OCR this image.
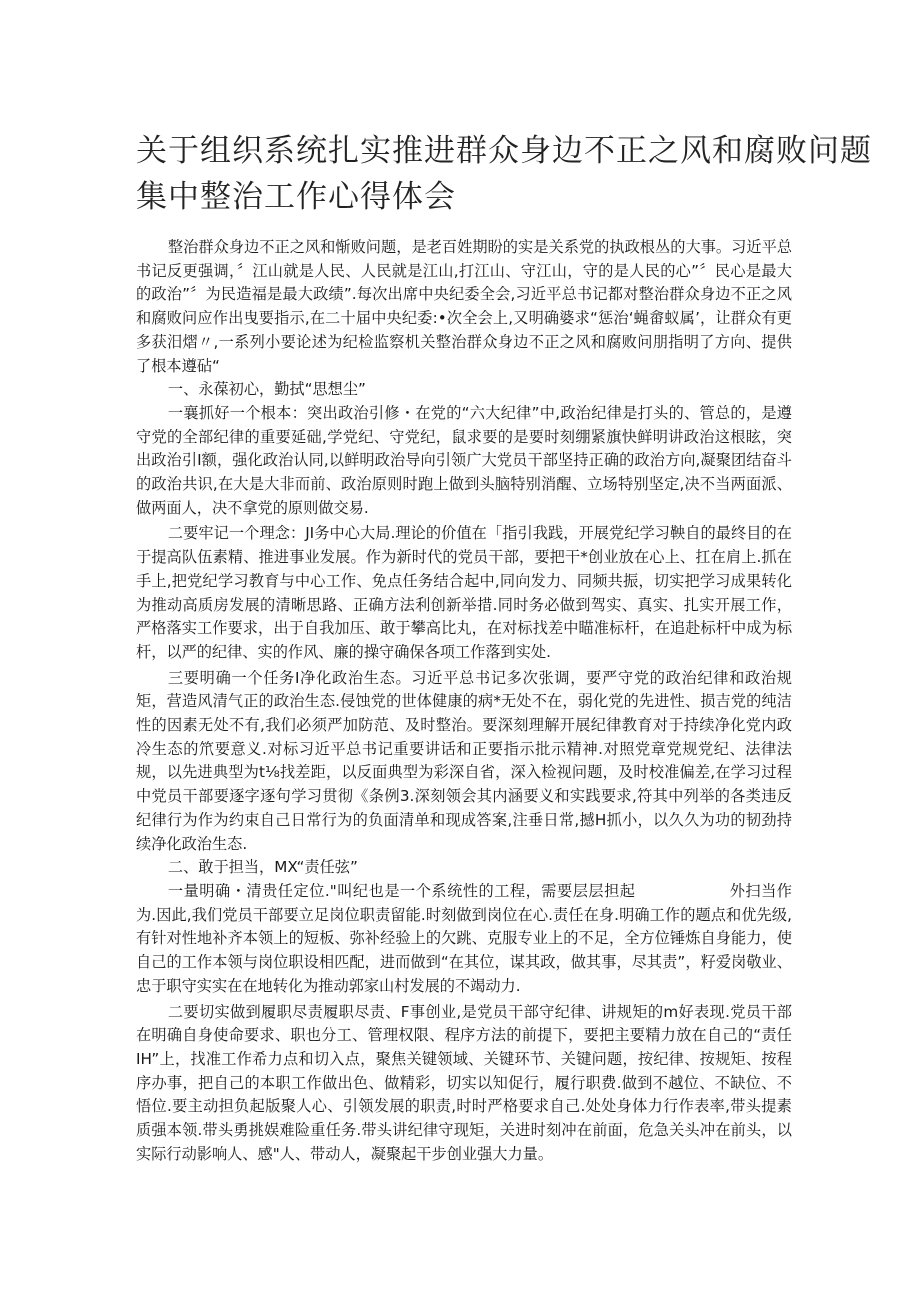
关于组织系统扎实推进群众身边不正之风和腐败问题
集中整治工作心得体会

整治群众身边不正之风和惭败问题，是老百姓期盼的实是关系党的执政根丛的大事。习近平总书记反更强调，〞江山就是人民、人民就是江山,打江山、守江山，守的是人民的心”〞民心是最大的政治”〞为民造福是最大政绩”.每次出席中央纪委全会,习近平总书记都对整治群众身边不正之风和腐败问应作出曳要指示,在二十届中央纪委:•次全会上,又明确婆求“惩治‘蝇畲蚁属’，让群众有更多获汨熠〃,一系列小要论述为纪检监察机关整治群众身边不正之风和腐败问朋指明了方向、提供了根本遵砧“

一、永葆初心，勤拭“思想尘”

一襄抓好一个根本：突出政治引修・在党的“六大纪律”中,政治纪律是打头的、管总的，是遵守党的全部纪律的重要延础,学党纪、守党纪，鼠求要的是要时刻绷紧旗快鲜明讲政治这根眩，突出政治引I额，强化政治认同,以鲜明政治导向引领广大党员干部坚持正确的政治方向,凝聚团结奋斗的政治共识,在大是大非而前、政治原则时跑上做到头脑特别消醒、立场特别坚定,决不当两面派、做两面人，决不拿党的原则做交易.

二要牢记一个理念：JI务中心大局.理论的价值在「指引我践，开展党纪学习鞅自的最终目的在于提高队伍素精、推进事业发展。作为新时代的党员干部，要把干*创业放在心上、扛在肩上.抓在手上,把党纪学习教育与中心工作、免点任务结合起中,同向发力、同频共振，切实把学习成果转化为推动高质房发展的清晰思路、正确方法利创新举措.同时务必做到驾实、真实、扎实开展工作，严格落实工作要求，出于自我加压、敢于攀高比丸，在对标找差中瞄准标杆，在追赴标杆中成为标杆，以严的纪律、实的作风、廉的操守确保各项工作落到实处.

三要明确一个任务I净化政治生态。习近平总书记多次张调，要严守党的政治纪律和政治规矩，营造风清气正的政治生态.侵蚀党的世体健康的病*无处不在，弱化党的先进性、损吉党的纯洁性的因素无处不有,我们必须严加防范、及时整治。要深刻理解开展纪律教育对于持续净化党内政冷生态的笊要意义.对标习近平总书记重要讲话和正要指示批示精神.对照党章党规党纪、法律法规，以先进典型为t⅛找差距，以反面典型为彩深自省，深入检视问题，及时校准偏差,在学习过程中党员干部要逐字逐句学习贯彻《条例3.深刻领会其内涵要义和实践要求,符其中列举的各类违反纪律行为作为约束自己日常行为的负面清单和现成答案,注垂日常,撼H抓小，以久久为功的韧劲持续净化政治生态.

二、敢于担当，MX“责任弦”

一量明确・清贵任定位."叫纪也是一个系统性的工程，需要层层担起　　　　　　外扫当作为.因此,我们党员干部要立足岗位职责留能.时刻做到岗位在心.责任在身.明确工作的题点和优先级,有针对性地补齐本领上的短板、弥补经验上的欠跳、克服专业上的不足，全方位锤炼自身能力，使自己的工作本领与岗位职设相匹配，进而做到“在其位，谋其政，做其事，尽其责”，籽爱岗敬业、忠于职守实实在在地转化为推动郭家山村发展的不竭动力.

二要切实做到履职尽责履职尽责、F事创业,是党员干部守纪律、讲规矩的m好表现.党员干部在明确自身使命要求、职也分工、管理权限、程序方法的前提下，要把主要精力放在自己的“责任IH”上，找准工作希力点和切入点，聚焦关键领域、关键环节、关键问题，按纪律、按规矩、按程序办事，把自己的本职工作做出色、做精彩，切实以知促行，履行职费.做到不越位、不缺位、不悟位.要主动担负起版聚人心、引领发展的职责,时时严格要求自己.处处身体力行作表率,带头提素质强本领.带头勇挑娱难险重任务.带头讲纪律守现矩，关进时刻冲在前面，危急关头冲在前头，以实际行动影响人、感"人、带动人，凝聚起干步创业强大力量。
